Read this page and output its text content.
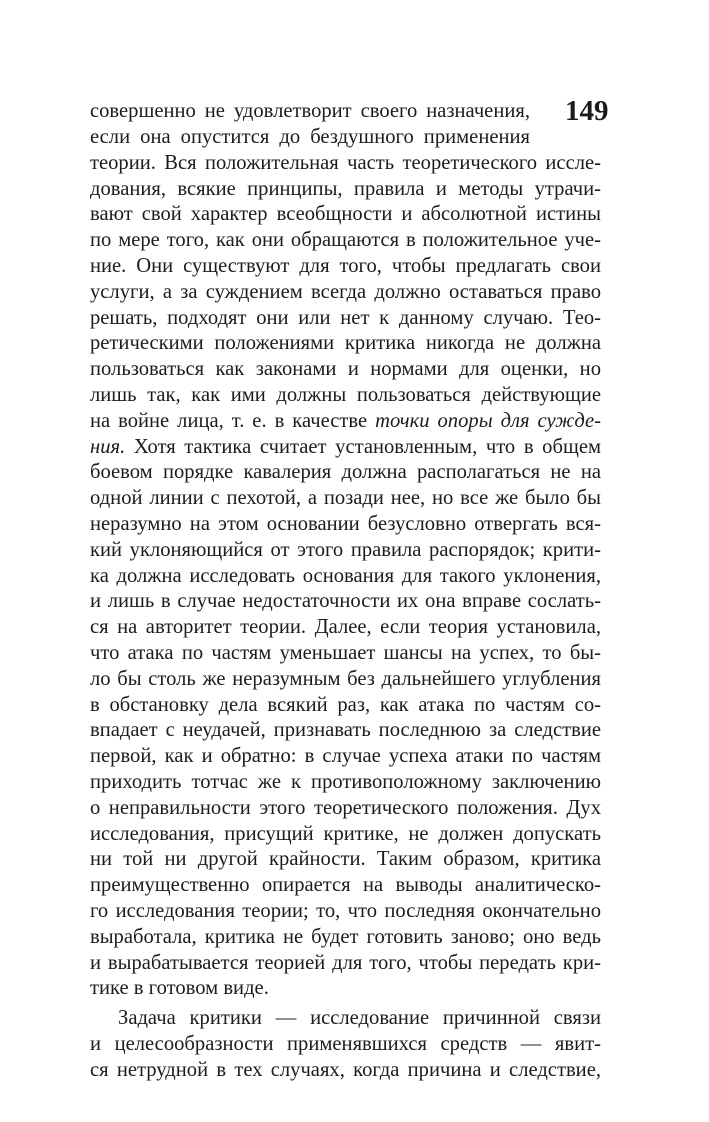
149
совершенно не удовлетворит своего назначения,
если она опустится до бездушного применения
теории. Вся положительная часть теоретического иссле-
дования, всякие принципы, правила и методы утрачи-
вают свой характер всеобщности и абсолютной истины
по мере того, как они обращаются в положительное уче-
ние. Они существуют для того, чтобы предлагать свои
услуги, а за суждением всегда должно оставаться право
решать, подходят они или нет к данному случаю. Тео-
ретическими положениями критика никогда не должна
пользоваться как законами и нормами для оценки, но
лишь так, как ими должны пользоваться действующие
на войне лица, т. е. в качестве точки опоры для сужде-
ния. Хотя тактика считает установленным, что в общем
боевом порядке кавалерия должна располагаться не на
одной линии с пехотой, а позади нее, но все же было бы
неразумно на этом основании безусловно отвергать вся-
кий уклоняющийся от этого правила распорядок; крити-
ка должна исследовать основания для такого уклонения,
и лишь в случае недостаточности их она вправе сослать-
ся на авторитет теории. Далее, если теория установила,
что атака по частям уменьшает шансы на успех, то бы-
ло бы столь же неразумным без дальнейшего углубления
в обстановку дела всякий раз, как атака по частям со-
впадает с неудачей, признавать последнюю за следствие
первой, как и обратно: в случае успеха атаки по частям
приходить тотчас же к противоположному заключению
о неправильности этого теоретического положения. Дух
исследования, присущий критике, не должен допускать
ни той ни другой крайности. Таким образом, критика
преимущественно опирается на выводы аналитическо-
го исследования теории; то, что последняя окончательно
выработала, критика не будет готовить заново; оно ведь
и вырабатывается теорией для того, чтобы передать кри-
тике в готовом виде.
Задача критики — исследование причинной связи
и целесообразности применявшихся средств — явит-
ся нетрудной в тех случаях, когда причина и следствие,
